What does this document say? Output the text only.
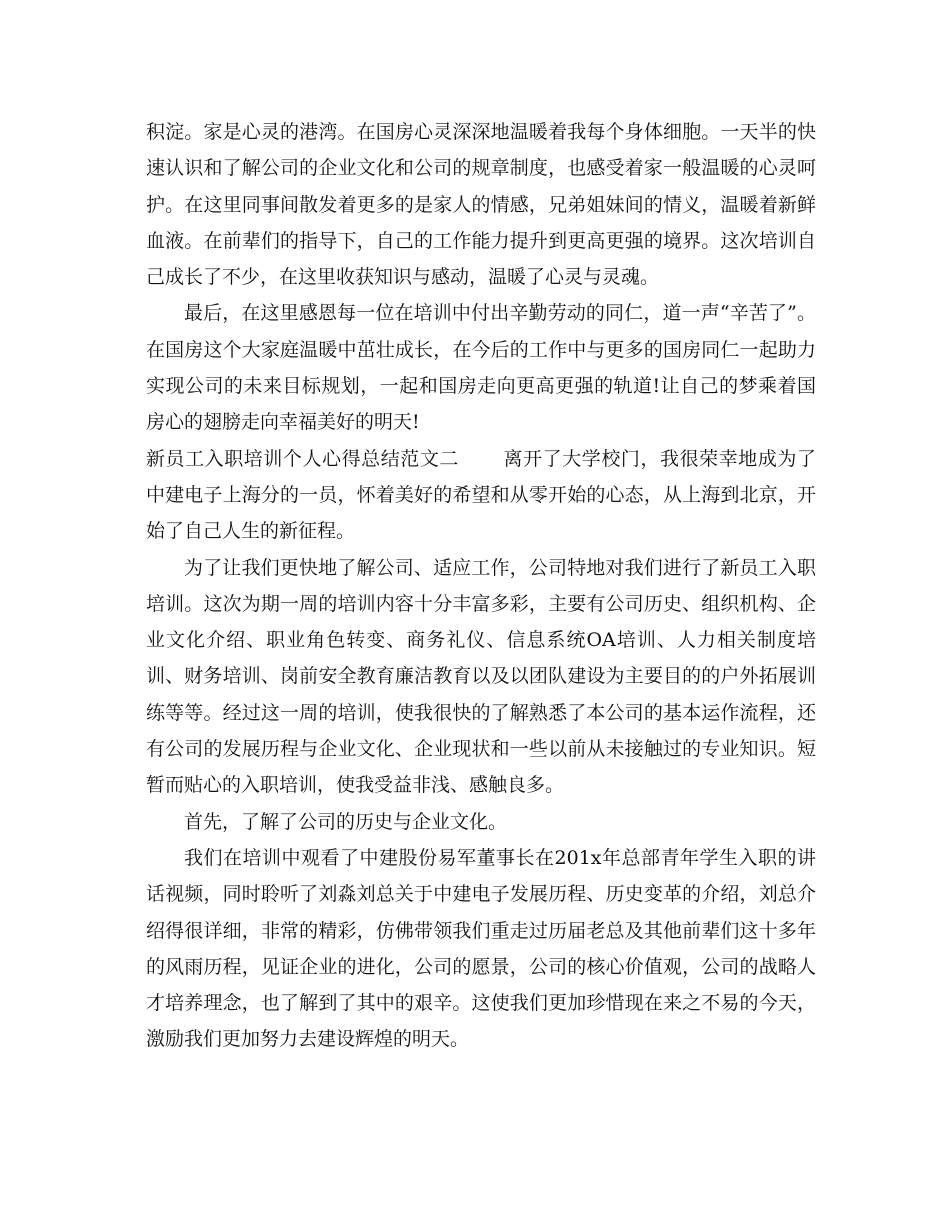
积淀。家是心灵的港湾。在国房心灵深深地温暖着我每个身体细胞。一天半的快速认识和了解公司的企业文化和公司的规章制度，也感受着家一般温暖的心灵呵护。在这里同事间散发着更多的是家人的情感，兄弟姐妹间的情义，温暖着新鲜血液。在前辈们的指导下，自己的工作能力提升到更高更强的境界。这次培训自己成长了不少，在这里收获知识与感动，温暖了心灵与灵魂。

最后，在这里感恩每一位在培训中付出辛勤劳动的同仁，道一声“辛苦了”。在国房这个大家庭温暖中茁壮成长，在今后的工作中与更多的国房同仁一起助力实现公司的未来目标规划，一起和国房走向更高更强的轨道!让自己的梦乘着国房心的翅膀走向幸福美好的明天!

新员工入职培训个人心得总结范文二 离开了大学校门，我很荣幸地成为了中建电子上海分的一员，怀着美好的希望和从零开始的心态，从上海到北京，开始了自己人生的新征程。

为了让我们更快地了解公司、适应工作，公司特地对我们进行了新员工入职培训。这次为期一周的培训内容十分丰富多彩，主要有公司历史、组织机构、企业文化介绍、职业角色转变、商务礼仪、信息系统OA培训、人力相关制度培训、财务培训、岗前安全教育廉洁教育以及以团队建设为主要目的的户外拓展训练等等。经过这一周的培训，使我很快的了解熟悉了本公司的基本运作流程，还有公司的发展历程与企业文化、企业现状和一些以前从未接触过的专业知识。短暂而贴心的入职培训，使我受益非浅、感触良多。

首先，了解了公司的历史与企业文化。

我们在培训中观看了中建股份易军董事长在201x年总部青年学生入职的讲话视频，同时聆听了刘淼刘总关于中建电子发展历程、历史变革的介绍，刘总介绍得很详细，非常的精彩，仿佛带领我们重走过历届老总及其他前辈们这十多年的风雨历程，见证企业的进化，公司的愿景，公司的核心价值观，公司的战略人才培养理念，也了解到了其中的艰辛。这使我们更加珍惜现在来之不易的今天，激励我们更加努力去建设辉煌的明天。
